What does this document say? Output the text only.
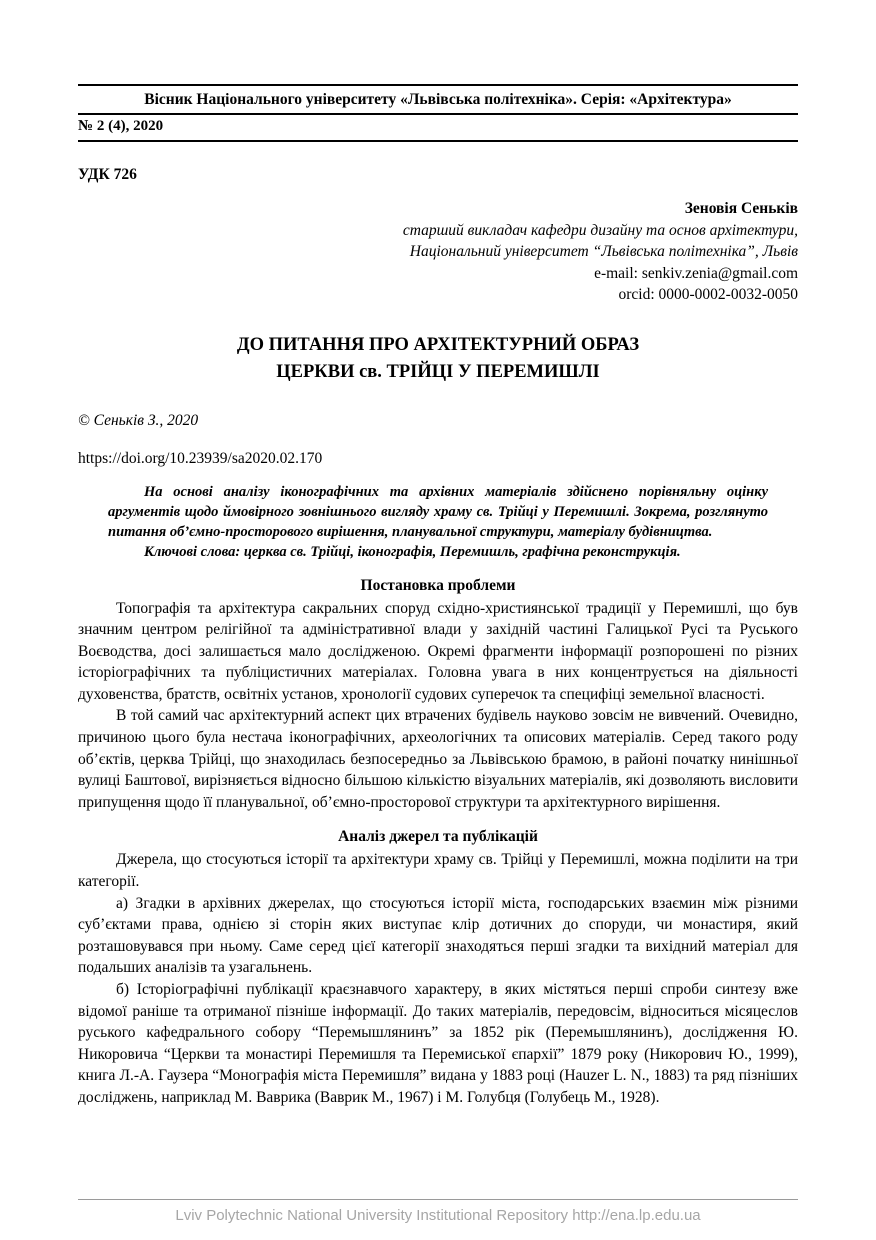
Вісник Національного університету «Львівська політехніка». Серія: «Архітектура»
№ 2 (4), 2020
УДК 726
Зеновія Сеньків
старший викладач кафедри дизайну та основ архітектури,
Національний університет “Львівська політехніка”, Львів
e-mail: senkiv.zenia@gmail.com
orcid: 0000-0002-0032-0050
ДО ПИТАННЯ ПРО АРХІТЕКТУРНИЙ ОБРАЗ
ЦЕРКВИ св. ТРІЙЦІ У ПЕРЕМИШЛІ
© Сеньків З., 2020
https://doi.org/10.23939/sa2020.02.170

На основі аналізу іконографічних та архівних матеріалів здійснено порівняльну оцінку аргументів щодо ймовірного зовнішнього вигляду храму св. Трійці у Перемишлі. Зокрема, розглянуто питання об’ємно-просторового вирішення, планувальної структури, матеріалу будівництва.

Ключові слова: церква св. Трійці, іконографія, Перемишль, графічна реконструкція.

Постановка проблеми

Топографія та архітектура сакральних споруд східно-християнської традиції у Перемишлі, що був значним центром релігійної та адміністративної влади у західній частині Галицької Русі та Руського Воєводства, досі залишається мало дослідженою. Окремі фрагменти інформації розпорошені по різних історіографічних та публіцистичних матеріалах. Головна увага в них концентрується на діяльності духовенства, братств, освітніх установ, хронології судових суперечок та специфіці земельної власності.

В той самий час архітектурний аспект цих втрачених будівель науково зовсім не вивчений. Очевидно, причиною цього була нестача іконографічних, археологічних та описових матеріалів. Серед такого роду об’єктів, церква Трійці, що знаходилась безпосередньо за Львівською брамою, в районі початку нинішньої вулиці Баштової, вирізняється відносно більшою кількістю візуальних матеріалів, які дозволяють висловити припущення щодо її планувальної, об’ємно-просторової структури та архітектурного вирішення.

Аналіз джерел та публікацій

Джерела, що стосуються історії та архітектури храму св. Трійці у Перемишлі, можна поділити на три категорії.

а) Згадки в архівних джерелах, що стосуються історії міста, господарських взаємин між різними суб’єктами права, однією зі сторін яких виступає клір дотичних до споруди, чи монастиря, який розташовувався при ньому. Саме серед цієї категорії знаходяться перші згадки та вихідний матеріал для подальших аналізів та узагальнень.

б) Історіографічні публікації краєзнавчого характеру, в яких містяться перші спроби синтезу вже відомої раніше та отриманої пізніше інформації. До таких матеріалів, передовсім, відноситься місяцеслов руського кафедрального собору “Перемышлянинъ” за 1852 рік (Перемышлянинъ), дослідження Ю. Никоровича “Церкви та монастирі Перемишля та Перемиської єпархії” 1879 року (Никорович Ю., 1999), книга Л.-А. Гаузера “Монографія міста Перемишля” видана у 1883 році (Hauzer L. N., 1883) та ряд пізніших досліджень, наприклад М. Ваврика (Ваврик М., 1967) і М. Голубця (Голубець М., 1928).

Lviv Polytechnic National University Institutional Repository http://ena.lp.edu.ua
